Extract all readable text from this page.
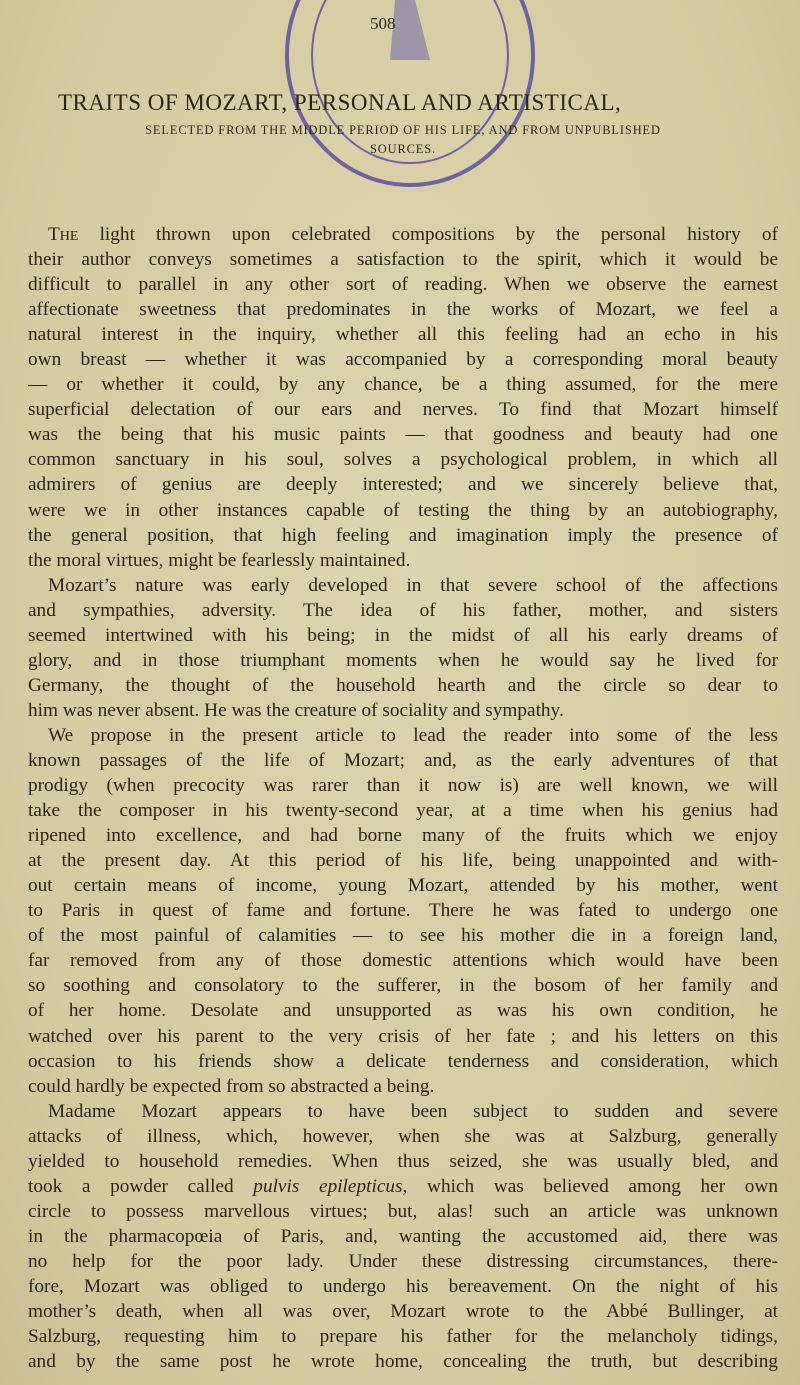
508
TRAITS OF MOZART, PERSONAL AND ARTISTICAL,
SELECTED FROM THE MIDDLE PERIOD OF HIS LIFE, AND FROM UNPUBLISHED
SOURCES.
The light thrown upon celebrated compositions by the personal history of
their author conveys sometimes a satisfaction to the spirit, which it would be
difficult to parallel in any other sort of reading. When we observe the earnest
affectionate sweetness that predominates in the works of Mozart, we feel a
natural interest in the inquiry, whether all this feeling had an echo in his
own breast — whether it was accompanied by a corresponding moral beauty
— or whether it could, by any chance, be a thing assumed, for the mere
superficial delectation of our ears and nerves. To find that Mozart himself
was the being that his music paints — that goodness and beauty had one
common sanctuary in his soul, solves a psychological problem, in which all
admirers of genius are deeply interested; and we sincerely believe that,
were we in other instances capable of testing the thing by an autobiography,
the general position, that high feeling and imagination imply the presence of
the moral virtues, might be fearlessly maintained.
Mozart’s nature was early developed in that severe school of the affections
and sympathies, adversity. The idea of his father, mother, and sisters
seemed intertwined with his being; in the midst of all his early dreams of
glory, and in those triumphant moments when he would say he lived for
Germany, the thought of the household hearth and the circle so dear to
him was never absent. He was the creature of sociality and sympathy.
We propose in the present article to lead the reader into some of the less
known passages of the life of Mozart; and, as the early adventures of that
prodigy (when precocity was rarer than it now is) are well known, we will
take the composer in his twenty-second year, at a time when his genius had
ripened into excellence, and had borne many of the fruits which we enjoy
at the present day. At this period of his life, being unappointed and with-
out certain means of income, young Mozart, attended by his mother, went
to Paris in quest of fame and fortune. There he was fated to undergo one
of the most painful of calamities — to see his mother die in a foreign land,
far removed from any of those domestic attentions which would have been
so soothing and consolatory to the sufferer, in the bosom of her family and
of her home. Desolate and unsupported as was his own condition, he
watched over his parent to the very crisis of her fate ; and his letters on this
occasion to his friends show a delicate tenderness and consideration, which
could hardly be expected from so abstracted a being.
Madame Mozart appears to have been subject to sudden and severe
attacks of illness, which, however, when she was at Salzburg, generally
yielded to household remedies. When thus seized, she was usually bled, and
took a powder called pulvis epilepticus, which was believed among her own
circle to possess marvellous virtues; but, alas! such an article was unknown
in the pharmacopœia of Paris, and, wanting the accustomed aid, there was
no help for the poor lady. Under these distressing circumstances, there-
fore, Mozart was obliged to undergo his bereavement. On the night of his
mother’s death, when all was over, Mozart wrote to the Abbé Bullinger, at
Salzburg, requesting him to prepare his father for the melancholy tidings,
and by the same post he wrote home, concealing the truth, but describing
